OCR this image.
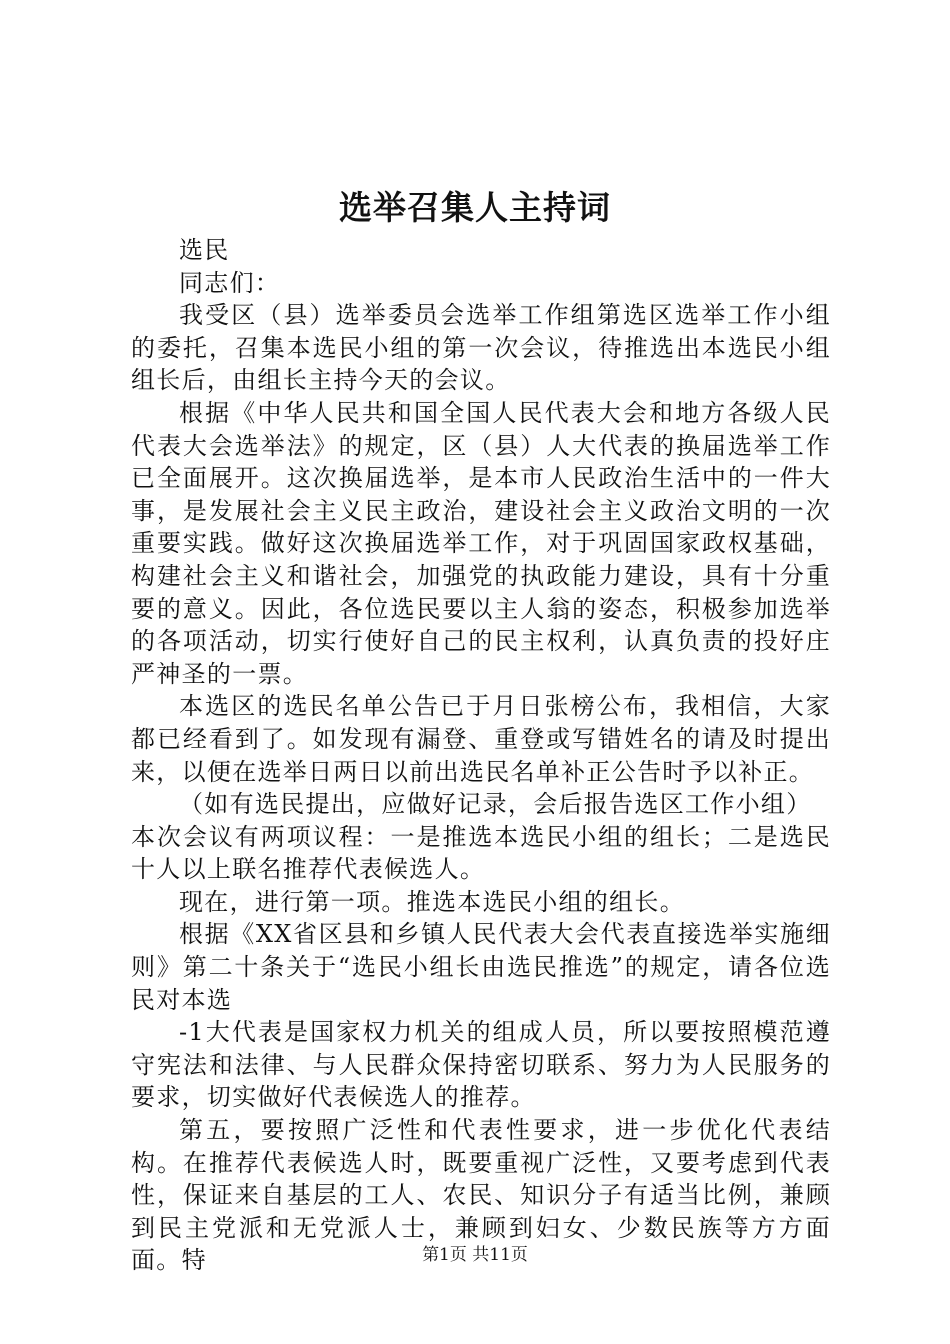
选举召集人主持词

选民

同志们：

我受区（县）选举委员会选举工作组第选区选举工作小组的委托，召集本选民小组的第一次会议，待推选出本选民小组组长后，由组长主持今天的会议。

根据《中华人民共和国全国人民代表大会和地方各级人民代表大会选举法》的规定，区（县）人大代表的换届选举工作已全面展开。这次换届选举，是本市人民政治生活中的一件大事，是发展社会主义民主政治，建设社会主义政治文明的一次重要实践。做好这次换届选举工作，对于巩固国家政权基础，构建社会主义和谐社会，加强党的执政能力建设，具有十分重要的意义。因此，各位选民要以主人翁的姿态，积极参加选举的各项活动，切实行使好自己的民主权利，认真负责的投好庄严神圣的一票。

本选区的选民名单公告已于月日张榜公布，我相信，大家都已经看到了。如发现有漏登、重登或写错姓名的请及时提出来，以便在选举日两日以前出选民名单补正公告时予以补正。

（如有选民提出，应做好记录，会后报告选区工作小组）

本次会议有两项议程：一是推选本选民小组的组长；二是选民十人以上联名推荐代表候选人。

现在，进行第一项。推选本选民小组的组长。

根据《XX省区县和乡镇人民代表大会代表直接选举实施细则》第二十条关于“选民小组长由选民推选”的规定，请各位选民对本选

-1大代表是国家权力机关的组成人员，所以要按照模范遵守宪法和法律、与人民群众保持密切联系、努力为人民服务的要求，切实做好代表候选人的推荐。

第五，要按照广泛性和代表性要求，进一步优化代表结构。在推荐代表候选人时，既要重视广泛性，又要考虑到代表性，保证来自基层的工人、农民、知识分子有适当比例，兼顾到民主党派和无党派人士，兼顾到妇女、少数民族等方方面面。特	第1页 共11页
